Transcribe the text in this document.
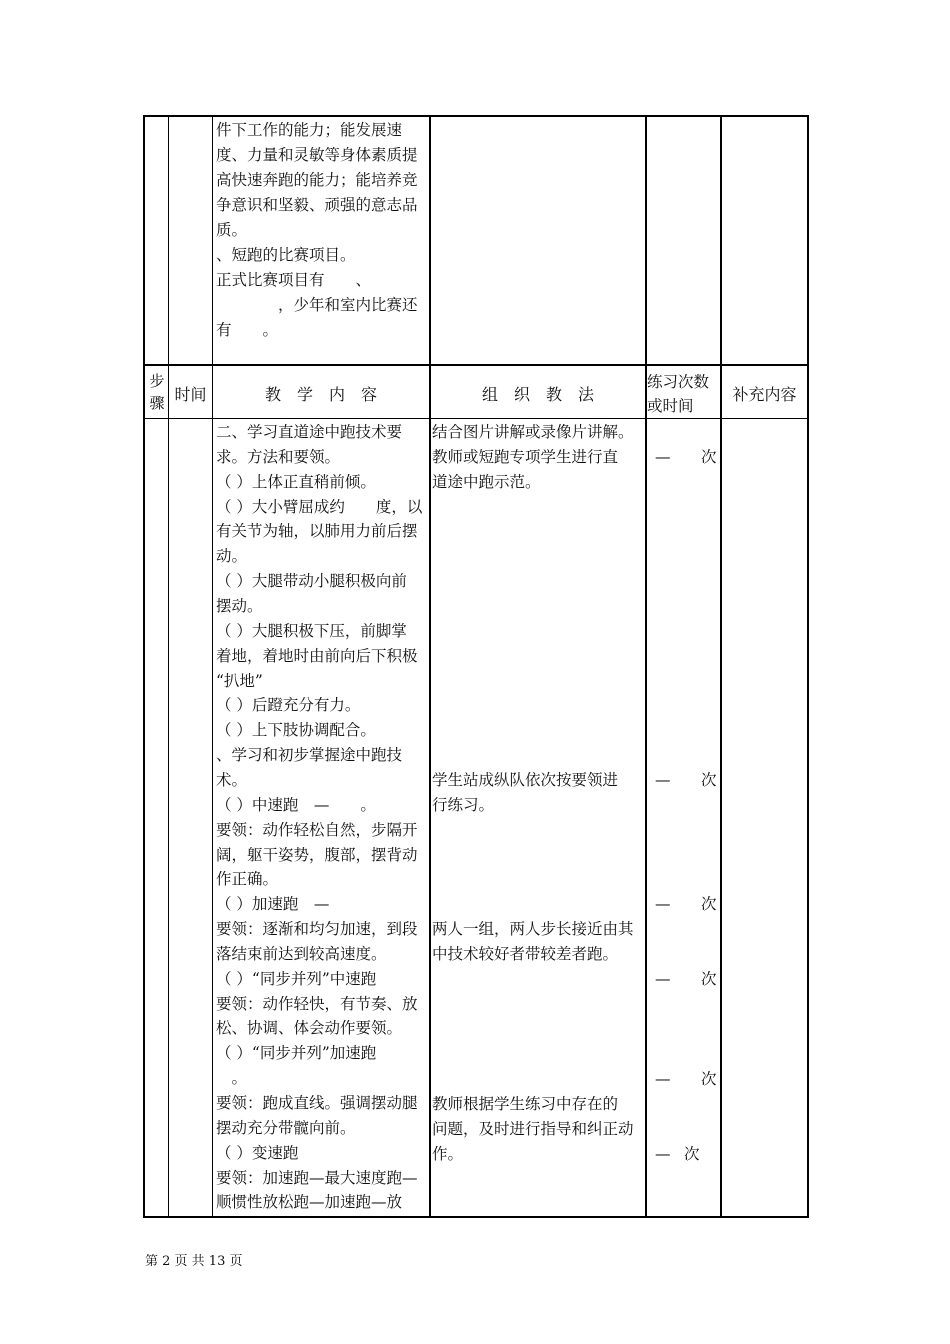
件下工作的能力；能发展速
度、力量和灵敏等身体素质提
高快速奔跑的能力；能培养竞
争意识和坚毅、顽强的意志品
质。
、短跑的比赛项目。
正式比赛项目有　　、
　　　　，少年和室内比赛还
有　　。
步骤 时间	教　学　内　容	组　织　教　法
练习次数
或时间
补充内容
二、学习直道途中跑技术要
求。方法和要领。
（ ）上体正直稍前倾。
（ ）大小臂屈成约　　度，以
有关节为轴，以肺用力前后摆
动。
（ ）大腿带动小腿积极向前
摆动。
（ ）大腿积极下压，前脚掌
着地，着地时由前向后下积极
“扒地”
（ ）后蹬充分有力。
（ ）上下肢协调配合。
、学习和初步掌握途中跑技
术。
（ ）中速跑　—　　。
要领：动作轻松自然，步隔开
阔，躯干姿势，腹部，摆背动
作正确。
（ ）加速跑　—
要领：逐渐和均匀加速，到段
落结束前达到较高速度。
（ ）“同步并列”中速跑
要领：动作轻快，有节奏、放
松、协调、体会动作要领。
（ ）“同步并列”加速跑
　。
要领：跑成直线。强调摆动腿
摆动充分带髋向前。
（ ）变速跑
要领：加速跑—最大速度跑—
顺惯性放松跑—加速跑—放
结合图片讲解或录像片讲解。
教师或短跑专项学生进行直
道途中跑示范。
学生站成纵队依次按要领进
行练习。
两人一组，两人步长接近由其
中技术较好者带较差者跑。
教师根据学生练习中存在的
问题，及时进行指导和纠正动
作。
— 次
— 次
— 次
— 次
— 次
— 次
第 2 页 共 13 页
